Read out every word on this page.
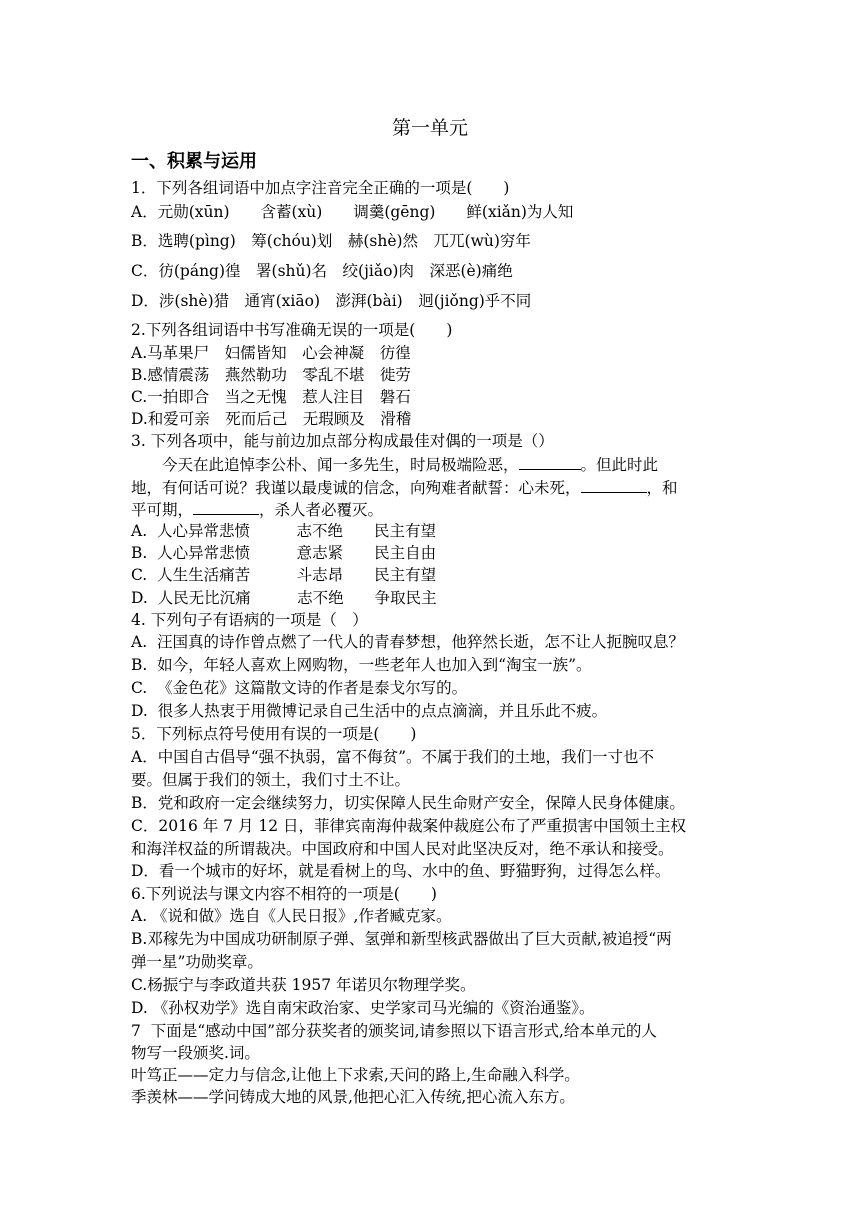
第一单元
一、积累与运用
1．下列各组词语中加点字注音完全正确的一项是(　　)
A．元勋(xūn)　　含蓄(xù)　　调羹(gēng)　　鲜(xiǎn)为人知
B．选聘(pìng)　筹(chóu)划　赫(shè)然　兀兀(wù)穷年
C．彷(páng)徨　署(shǔ)名　绞(jiǎo)肉　深恶(è)痛绝
D．涉(shè)猎　通宵(xiāo)　澎湃(bài)　迥(jiǒng)乎不同
2.下列各组词语中书写准确无误的一项是(　　)
A.马革果尸　妇儒皆知　心会神凝　彷徨
B.感情震荡　燕然勒功　零乱不堪　徙劳
C.一拍即合　当之无愧　惹人注目　磐石
D.和爱可亲　死而后己　无瑕顾及　滑稽
3. 下列各项中，能与前边加点部分构成最佳对偶的一项是（）
　　今天在此追悼李公朴、闻一多先生，时局极端险恶，	。但此时此
地，有何话可说？我谨以最虔诚的信念，向殉难者献誓：心未死，	，和
平可期，	，杀人者必覆灭。
A.  人心异常悲愤　　　志不绝　　民主有望
B.  人心异常悲愤　　　意志紧　　民主自由
C.  人生生活痛苦　　　斗志昂　　民主有望
D.  人民无比沉痛　　　志不绝　　争取民主
4. 下列句子有语病的一项是（　）
A.  汪国真的诗作曾点燃了一代人的青春梦想，他猝然长逝，怎不让人扼腕叹息？
B.  如今，年轻人喜欢上网购物，一些老年人也加入到“淘宝一族”。
C.  《金色花》这篇散文诗的作者是泰戈尔写的。
D.  很多人热衷于用微博记录自己生活中的点点滴滴，并且乐此不疲。
5．下列标点符号使用有误的一项是(　　)
A．中国自古倡导“强不执弱，富不侮贫”。不属于我们的土地，我们一寸也不
要。但属于我们的领土，我们寸土不让。
B．党和政府一定会继续努力，切实保障人民生命财产安全，保障人民身体健康。
C．2016 年 7 月 12 日，菲律宾南海仲裁案仲裁庭公布了严重损害中国领土主权
和海洋权益的所谓裁决。中国政府和中国人民对此坚决反对，绝不承认和接受。
D．看一个城市的好坏，就是看树上的鸟、水中的鱼、野猫野狗，过得怎么样。
6.下列说法与课文内容不相符的一项是(　　)
A. 《说和做》选自《人民日报》,作者臧克家。
B.邓稼先为中国成功研制原子弹、氢弹和新型核武器做出了巨大贡献,被追授“两
弹一星”功勋奖章。
C.杨振宁与李政道共获 1957 年诺贝尔物理学奖。
D. 《孙权劝学》选自南宋政治家、史学家司马光编的《资治通鉴》。
7  下面是“感动中国”部分获奖者的颁奖词,请参照以下语言形式,给本单元的人
物写一段颁奖.词。
叶笃正——定力与信念,让他上下求索,天问的路上,生命融入科学。
季羡林——学问铸成大地的风景,他把心汇入传统,把心流入东方。
